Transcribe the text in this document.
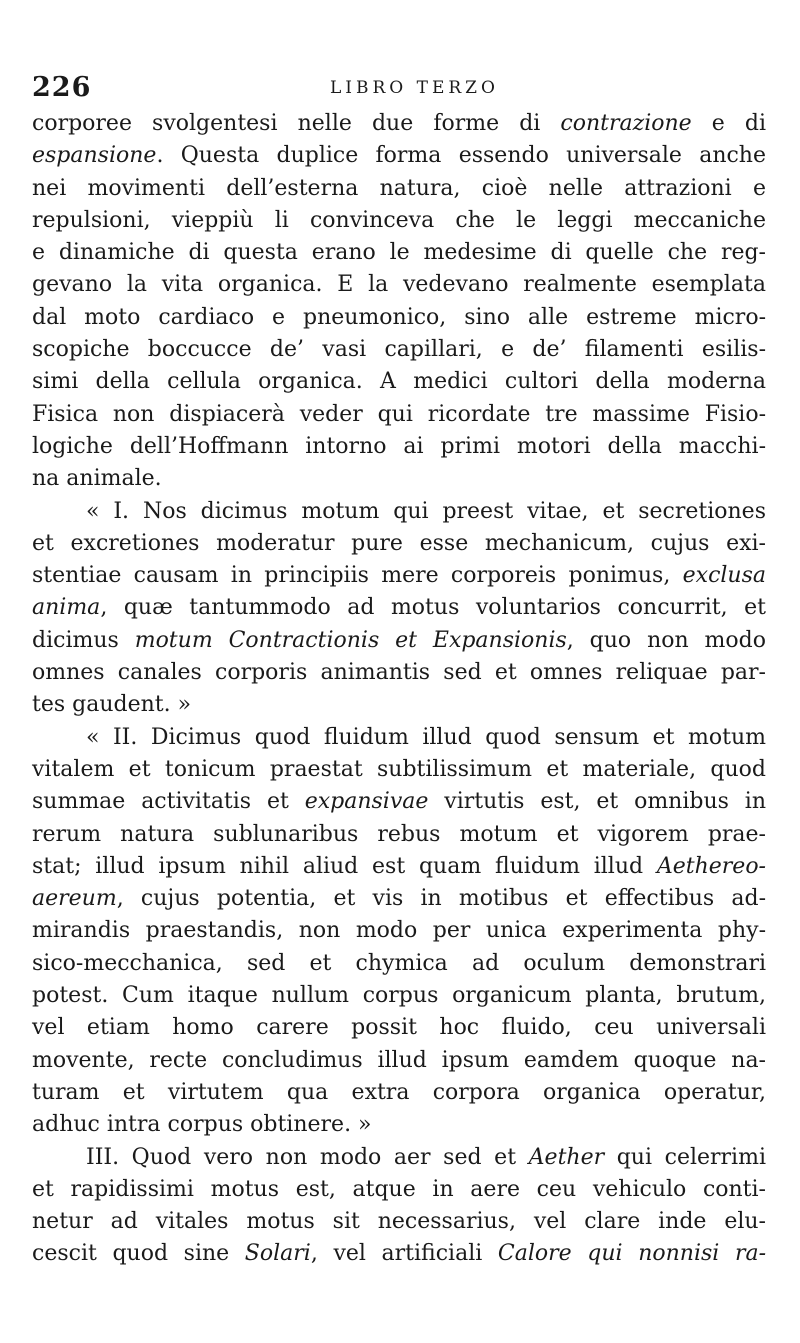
226	LIBRO TERZO
corporee svolgentesi nelle due forme di contrazione e di
espansione. Questa duplice forma essendo universale anche
nei movimenti dell’esterna natura, cioè nelle attrazioni e
repulsioni, vieppiù li convinceva che le leggi meccaniche
e dinamiche di questa erano le medesime di quelle che reg-
gevano la vita organica. E la vedevano realmente esemplata
dal moto cardiaco e pneumonico, sino alle estreme micro-
scopiche boccucce de’ vasi capillari, e de’ filamenti esilis-
simi della cellula organica. A medici cultori della moderna
Fisica non dispiacerà veder qui ricordate tre massime Fisio-
logiche dell’Hoffmann intorno ai primi motori della macchi-
na animale.
« I. Nos dicimus motum qui preest vitae, et secretiones
et excretiones moderatur pure esse mechanicum, cujus exi-
stentiae causam in principiis mere corporeis ponimus, exclusa
anima, quæ tantummodo ad motus voluntarios concurrit, et
dicimus motum Contractionis et Expansionis, quo non modo
omnes canales corporis animantis sed et omnes reliquae par-
tes gaudent. »
« II. Dicimus quod fluidum illud quod sensum et motum
vitalem et tonicum praestat subtilissimum et materiale, quod
summae activitatis et expansivae virtutis est, et omnibus in
rerum natura sublunaribus rebus motum et vigorem prae-
stat; illud ipsum nihil aliud est quam fluidum illud Aethereo-
aereum, cujus potentia, et vis in motibus et effectibus ad-
mirandis praestandis, non modo per unica experimenta phy-
sico-mecchanica, sed et chymica ad oculum demonstrari
potest. Cum itaque nullum corpus organicum planta, brutum,
vel etiam homo carere possit hoc fluido, ceu universali
movente, recte concludimus illud ipsum eamdem quoque na-
turam et virtutem qua extra corpora organica operatur,
adhuc intra corpus obtinere. »
III. Quod vero non modo aer sed et Aether qui celerrimi
et rapidissimi motus est, atque in aere ceu vehiculo conti-
netur ad vitales motus sit necessarius, vel clare inde elu-
cescit quod sine Solari, vel artificiali Calore qui nonnisi ra-
